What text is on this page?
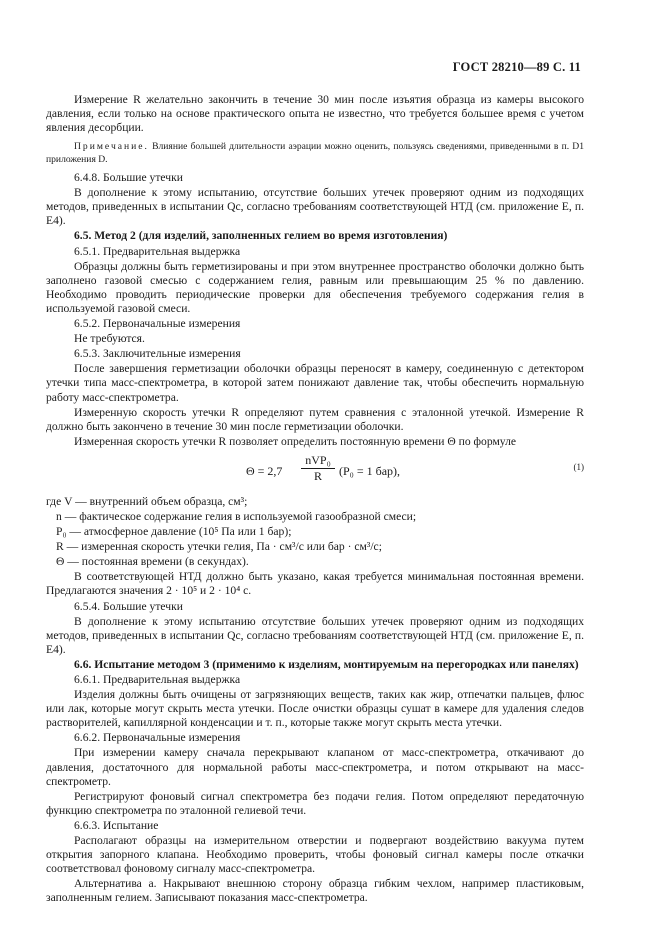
ГОСТ 28210—89 С. 11

Измерение R желательно закончить в течение 30 мин после изъятия образца из камеры высокого давления, если только на основе практического опыта не известно, что требуется большее время с учетом явления десорбции.

Примечание. Влияние большей длительности аэрации можно оценить, пользуясь сведениями, приведенными в п. D1 приложения D.

6.4.8. Большие утечки

В дополнение к этому испытанию, отсутствие больших утечек проверяют одним из подходящих методов, приведенных в испытании Qc, согласно требованиям соответствующей НТД (см. приложение Е, п. Е4).

6.5. Метод 2 (для изделий, заполненных гелием во время изготовления)

6.5.1. Предварительная выдержка

Образцы должны быть герметизированы и при этом внутреннее пространство оболочки должно быть заполнено газовой смесью с содержанием гелия, равным или превышающим 25 % по давлению. Необходимо проводить периодические проверки для обеспечения требуемого содержания гелия в используемой газовой смеси.

6.5.2. Первоначальные измерения

Не требуются.

6.5.3. Заключительные измерения

После завершения герметизации оболочки образцы переносят в камеру, соединенную с детектором утечки типа масс-спектрометра, в которой затем понижают давление так, чтобы обеспечить нормальную работу масс-спектрометра.

Измеренную скорость утечки R определяют путем сравнения с эталонной утечкой. Измерение R должно быть закончено в течение 30 мин после герметизации оболочки.

Измеренная скорость утечки R позволяет определить постоянную времени Θ по формуле

Θ = 2,7
nVP₀
R	(P₀ = 1 бар),	(1)

где V — внутренний объем образца, см³;

n — фактическое содержание гелия в используемой газообразной смеси;

P₀ — атмосферное давление (10⁵ Па или 1 бар);

R — измеренная скорость утечки гелия, Па · см³/с или бар · см³/с;

Θ — постоянная времени (в секундах).

В соответствующей НТД должно быть указано, какая требуется минимальная постоянная времени. Предлагаются значения 2 · 10⁵ и 2 · 10⁴ с.

6.5.4. Большие утечки

В дополнение к этому испытанию отсутствие больших утечек проверяют одним из подходящих методов, приведенных в испытании Qc, согласно требованиям соответствующей НТД (см. приложение Е, п. Е4).

6.6. Испытание методом 3 (применимо к изделиям, монтируемым на перегородках или панелях)

6.6.1. Предварительная выдержка

Изделия должны быть очищены от загрязняющих веществ, таких как жир, отпечатки пальцев, флюс или лак, которые могут скрыть места утечки. После очистки образцы сушат в камере для удаления следов растворителей, капиллярной конденсации и т. п., которые также могут скрыть места утечки.

6.6.2. Первоначальные измерения

При измерении камеру сначала перекрывают клапаном от масс-спектрометра, откачивают до давления, достаточного для нормальной работы масс-спектрометра, и потом открывают на масс-спектрометр.

Регистрируют фоновый сигнал спектрометра без подачи гелия. Потом определяют передаточную функцию спектрометра по эталонной гелиевой течи.

6.6.3. Испытание

Располагают образцы на измерительном отверстии и подвергают воздействию вакуума путем открытия запорного клапана. Необходимо проверить, чтобы фоновый сигнал камеры после откачки соответствовал фоновому сигналу масс-спектрометра.

Альтернатива а. Накрывают внешнюю сторону образца гибким чехлом, например пластиковым, заполненным гелием. Записывают показания масс-спектрометра.
